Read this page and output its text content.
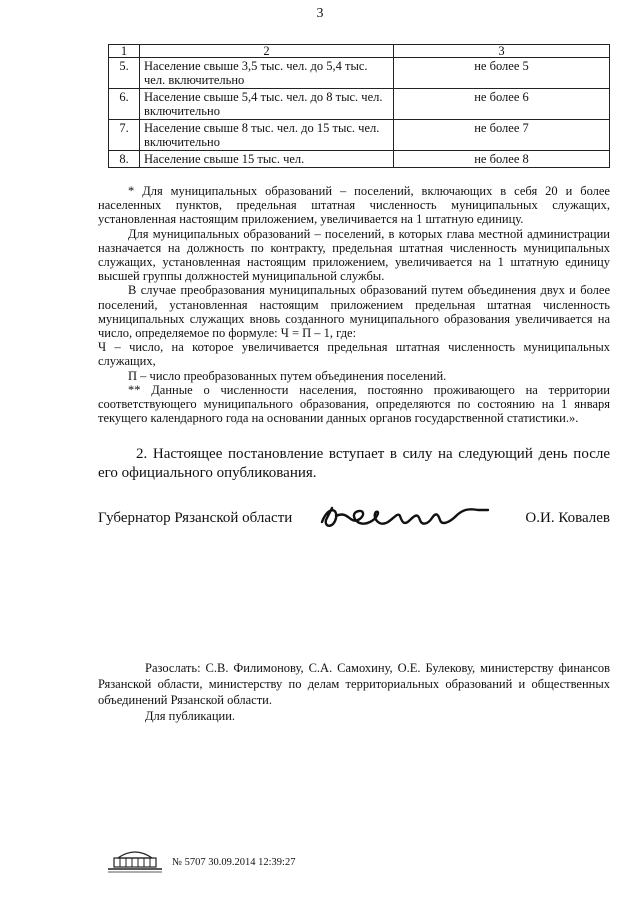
3
1	2	3
5.	Население свыше 3,5 тыс. чел. до 5,4 тыс. чел. включительно	не более 5
6.	Население свыше 5,4 тыс. чел. до 8 тыс. чел. включительно	не более 6
7.	Население свыше 8 тыс. чел. до 15 тыс. чел. включительно	не более 7
8.	Население свыше 15 тыс. чел.	не более 8

* Для муниципальных образований – поселений, включающих в себя 20 и более населенных пунктов, предельная штатная численность муниципальных служащих, установленная настоящим приложением, увеличивается на 1 штатную единицу.

Для муниципальных образований – поселений, в которых глава местной администрации назначается на должность по контракту, предельная штатная численность муниципальных служащих, установленная настоящим приложением, увеличивается на 1 штатную единицу высшей группы должностей муниципальной службы.

В случае преобразования муниципальных образований путем объединения двух и более поселений, установленная настоящим приложением предельная штатная численность муниципальных служащих вновь созданного муниципального образования увеличивается на число, определяемое по формуле: Ч = П – 1, где:

Ч – число, на которое увеличивается предельная штатная численность муниципальных служащих,

П – число преобразованных путем объединения поселений.

** Данные о численности населения, постоянно проживающего на территории соответствующего муниципального образования, определяются по состоянию на 1 января текущего календарного года на основании данных органов государственной статистики.».

2. Настоящее постановление вступает в силу на следующий день после его официального опубликования.

Губернатор Рязанской области	О.И. Ковалев

Разослать: С.В. Филимонову, С.А. Самохину, О.Е. Булекову, министерству финансов Рязанской области, министерству по делам территориальных образований и общественных объединений Рязанской области.

Для публикации.

№ 5707 30.09.2014 12:39:27
